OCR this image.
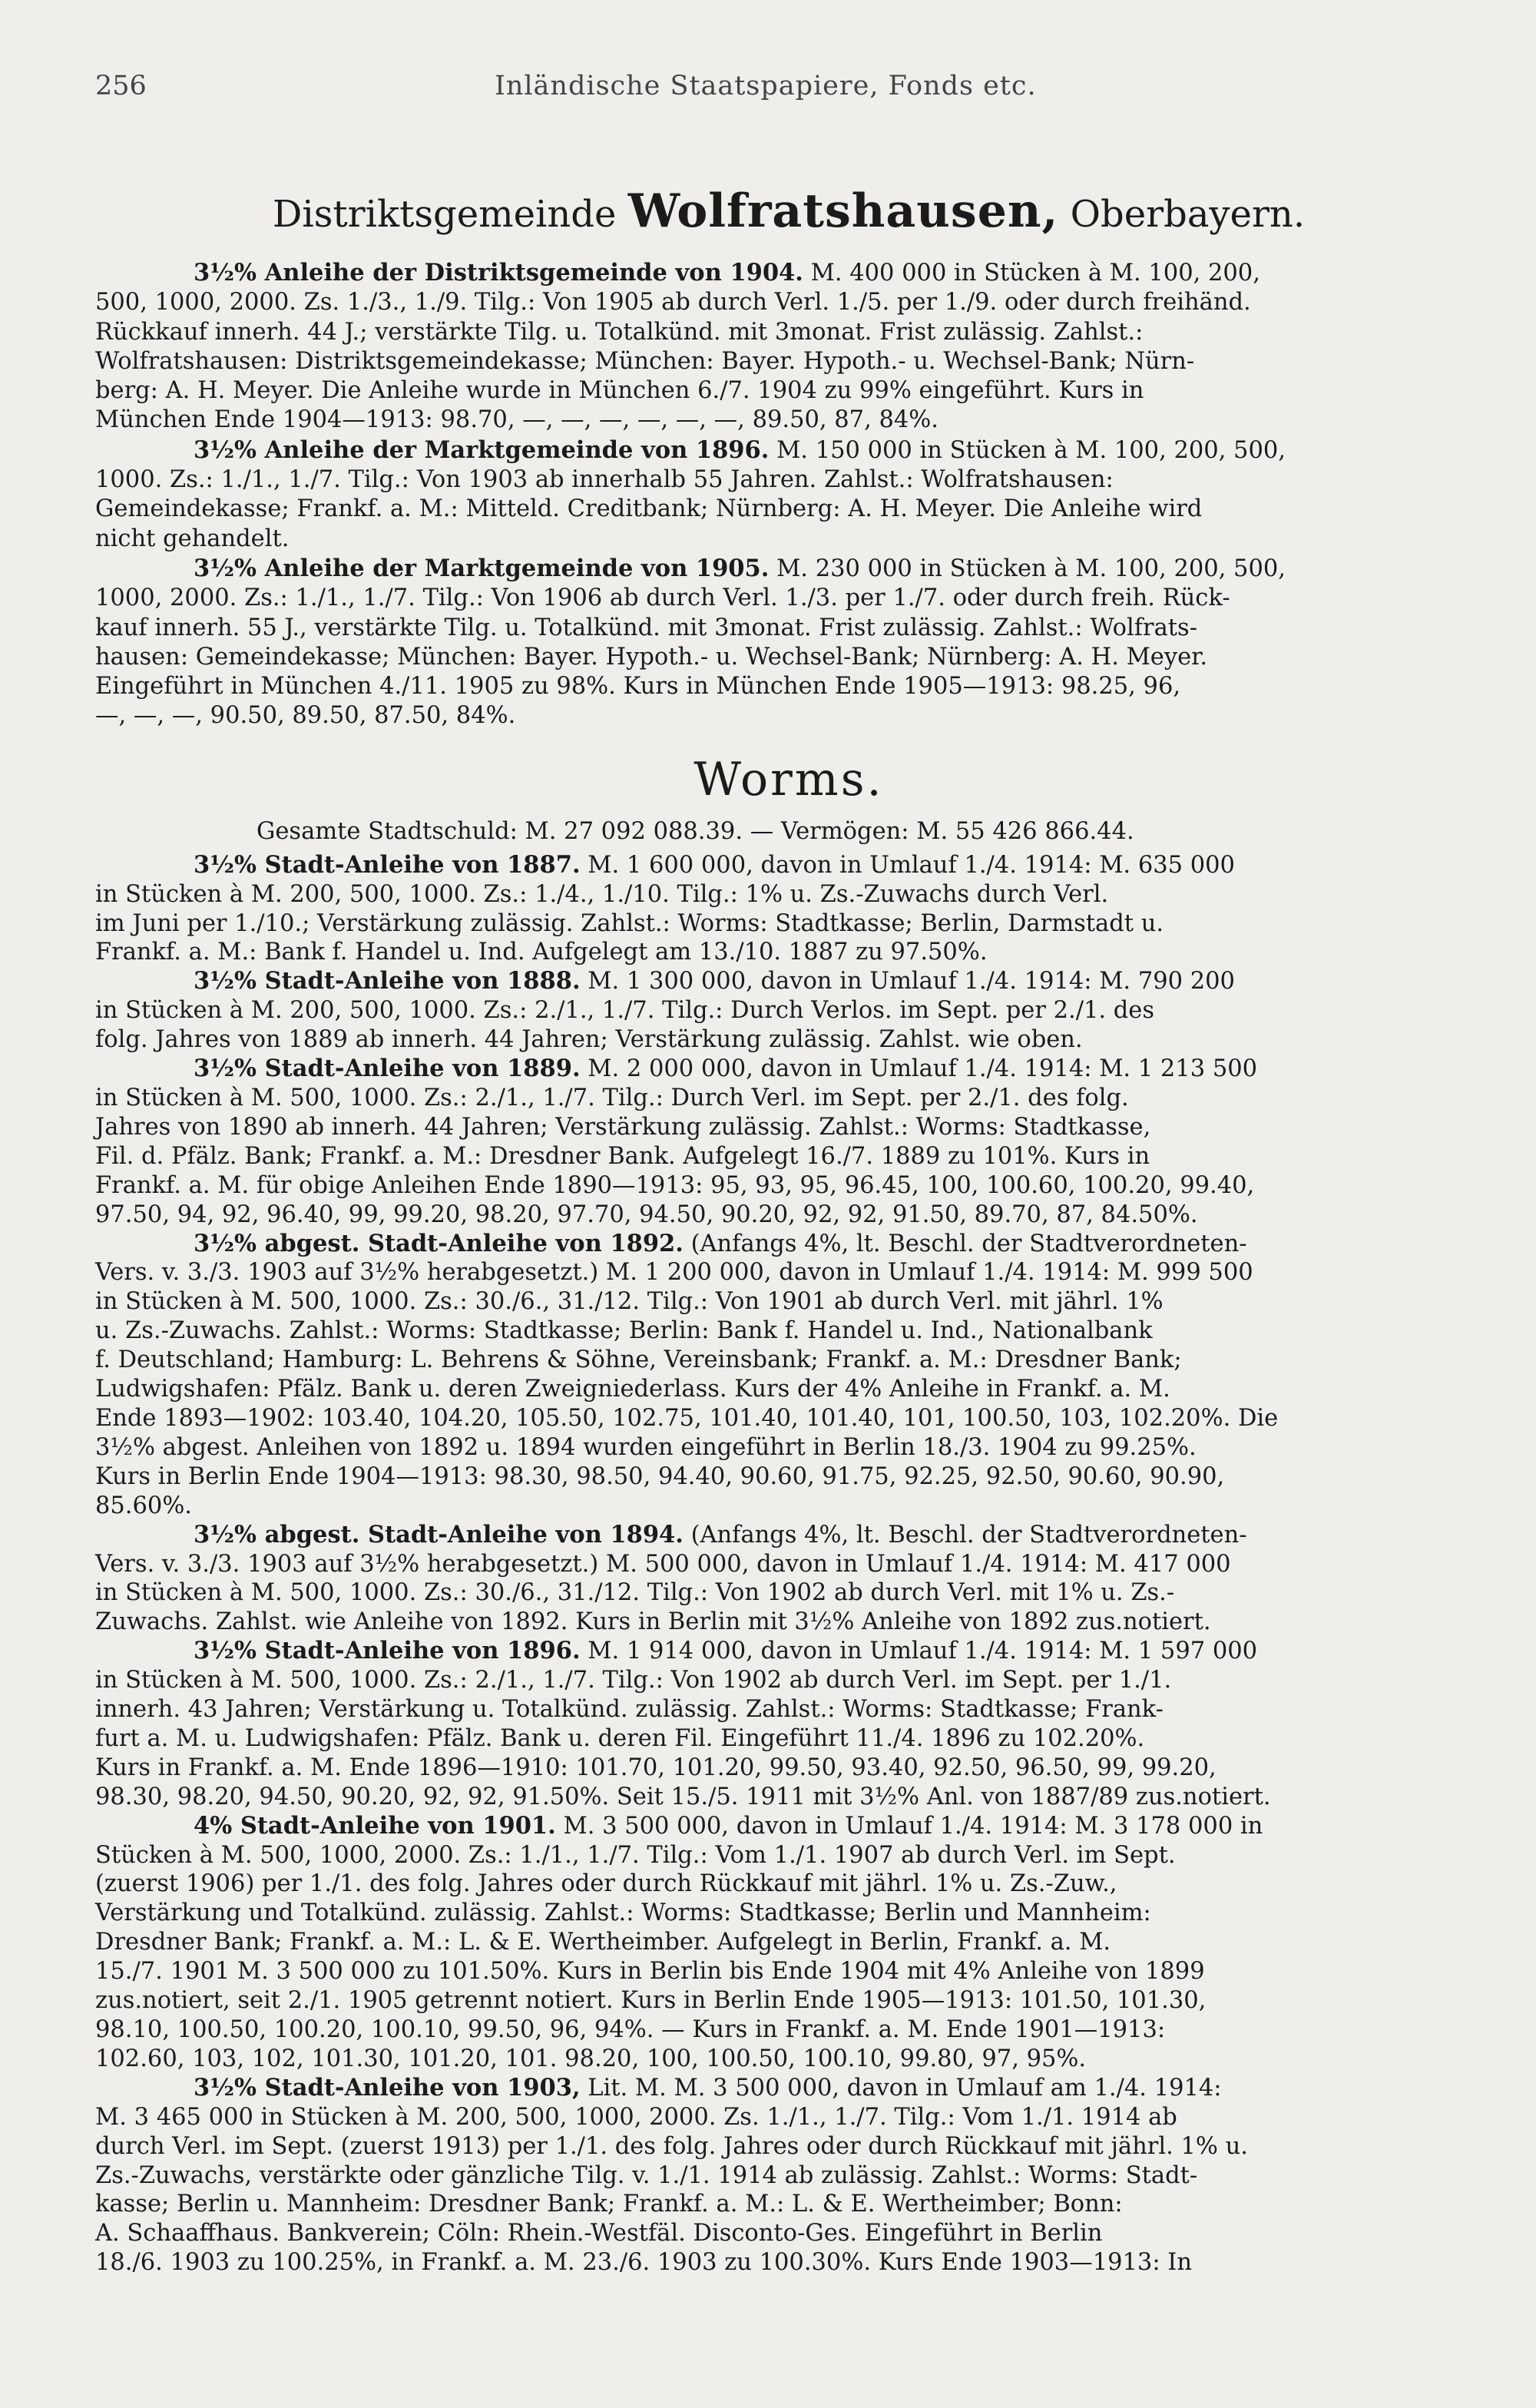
256	Inländische Staatspapiere, Fonds etc.
Distriktsgemeinde Wolfratshausen, Oberbayern.

3½% Anleihe der Distriktsgemeinde von 1904. M. 400 000 in Stücken à M. 100, 200,
500, 1000, 2000. Zs. 1./3., 1./9. Tilg.: Von 1905 ab durch Verl. 1./5. per 1./9. oder durch freihänd.
Rückkauf innerh. 44 J.; verstärkte Tilg. u. Totalkünd. mit 3monat. Frist zulässig. Zahlst.:
Wolfratshausen: Distriktsgemeindekasse; München: Bayer. Hypoth.- u. Wechsel-Bank; Nürn-
berg: A. H. Meyer. Die Anleihe wurde in München 6./7. 1904 zu 99% eingeführt. Kurs in
München Ende 1904—1913: 98.70, —, —, —, —, —, —, 89.50, 87, 84%.

3½% Anleihe der Marktgemeinde von 1896. M. 150 000 in Stücken à M. 100, 200, 500,
1000. Zs.: 1./1., 1./7. Tilg.: Von 1903 ab innerhalb 55 Jahren. Zahlst.: Wolfratshausen:
Gemeindekasse; Frankf. a. M.: Mitteld. Creditbank; Nürnberg: A. H. Meyer. Die Anleihe wird
nicht gehandelt.

3½% Anleihe der Marktgemeinde von 1905. M. 230 000 in Stücken à M. 100, 200, 500,
1000, 2000. Zs.: 1./1., 1./7. Tilg.: Von 1906 ab durch Verl. 1./3. per 1./7. oder durch freih. Rück-
kauf innerh. 55 J., verstärkte Tilg. u. Totalkünd. mit 3monat. Frist zulässig. Zahlst.: Wolfrats-
hausen: Gemeindekasse; München: Bayer. Hypoth.- u. Wechsel-Bank; Nürnberg: A. H. Meyer.
Eingeführt in München 4./11. 1905 zu 98%. Kurs in München Ende 1905—1913: 98.25, 96,
—, —, —, 90.50, 89.50, 87.50, 84%.

Worms.

Gesamte Stadtschuld: M. 27 092 088.39. — Vermögen: M. 55 426 866.44.

3½% Stadt-Anleihe von 1887. M. 1 600 000, davon in Umlauf 1./4. 1914: M. 635 000
in Stücken à M. 200, 500, 1000. Zs.: 1./4., 1./10. Tilg.: 1% u. Zs.-Zuwachs durch Verl.
im Juni per 1./10.; Verstärkung zulässig. Zahlst.: Worms: Stadtkasse; Berlin, Darmstadt u.
Frankf. a. M.: Bank f. Handel u. Ind. Aufgelegt am 13./10. 1887 zu 97.50%.

3½% Stadt-Anleihe von 1888. M. 1 300 000, davon in Umlauf 1./4. 1914: M. 790 200
in Stücken à M. 200, 500, 1000. Zs.: 2./1., 1./7. Tilg.: Durch Verlos. im Sept. per 2./1. des
folg. Jahres von 1889 ab innerh. 44 Jahren; Verstärkung zulässig. Zahlst. wie oben.

3½% Stadt-Anleihe von 1889. M. 2 000 000, davon in Umlauf 1./4. 1914: M. 1 213 500
in Stücken à M. 500, 1000. Zs.: 2./1., 1./7. Tilg.: Durch Verl. im Sept. per 2./1. des folg.
Jahres von 1890 ab innerh. 44 Jahren; Verstärkung zulässig. Zahlst.: Worms: Stadtkasse,
Fil. d. Pfälz. Bank; Frankf. a. M.: Dresdner Bank. Aufgelegt 16./7. 1889 zu 101%. Kurs in
Frankf. a. M. für obige Anleihen Ende 1890—1913: 95, 93, 95, 96.45, 100, 100.60, 100.20, 99.40,
97.50, 94, 92, 96.40, 99, 99.20, 98.20, 97.70, 94.50, 90.20, 92, 92, 91.50, 89.70, 87, 84.50%.

3½% abgest. Stadt-Anleihe von 1892. (Anfangs 4%, lt. Beschl. der Stadtverordneten-
Vers. v. 3./3. 1903 auf 3½% herabgesetzt.) M. 1 200 000, davon in Umlauf 1./4. 1914: M. 999 500
in Stücken à M. 500, 1000. Zs.: 30./6., 31./12. Tilg.: Von 1901 ab durch Verl. mit jährl. 1%
u. Zs.-Zuwachs. Zahlst.: Worms: Stadtkasse; Berlin: Bank f. Handel u. Ind., Nationalbank
f. Deutschland; Hamburg: L. Behrens & Söhne, Vereinsbank; Frankf. a. M.: Dresdner Bank;
Ludwigshafen: Pfälz. Bank u. deren Zweigniederlass. Kurs der 4% Anleihe in Frankf. a. M.
Ende 1893—1902: 103.40, 104.20, 105.50, 102.75, 101.40, 101.40, 101, 100.50, 103, 102.20%. Die
3½% abgest. Anleihen von 1892 u. 1894 wurden eingeführt in Berlin 18./3. 1904 zu 99.25%.
Kurs in Berlin Ende 1904—1913: 98.30, 98.50, 94.40, 90.60, 91.75, 92.25, 92.50, 90.60, 90.90,
85.60%.

3½% abgest. Stadt-Anleihe von 1894. (Anfangs 4%, lt. Beschl. der Stadtverordneten-
Vers. v. 3./3. 1903 auf 3½% herabgesetzt.) M. 500 000, davon in Umlauf 1./4. 1914: M. 417 000
in Stücken à M. 500, 1000. Zs.: 30./6., 31./12. Tilg.: Von 1902 ab durch Verl. mit 1% u. Zs.-
Zuwachs. Zahlst. wie Anleihe von 1892. Kurs in Berlin mit 3½% Anleihe von 1892 zus.notiert.

3½% Stadt-Anleihe von 1896. M. 1 914 000, davon in Umlauf 1./4. 1914: M. 1 597 000
in Stücken à M. 500, 1000. Zs.: 2./1., 1./7. Tilg.: Von 1902 ab durch Verl. im Sept. per 1./1.
innerh. 43 Jahren; Verstärkung u. Totalkünd. zulässig. Zahlst.: Worms: Stadtkasse; Frank-
furt a. M. u. Ludwigshafen: Pfälz. Bank u. deren Fil. Eingeführt 11./4. 1896 zu 102.20%.
Kurs in Frankf. a. M. Ende 1896—1910: 101.70, 101.20, 99.50, 93.40, 92.50, 96.50, 99, 99.20,
98.30, 98.20, 94.50, 90.20, 92, 92, 91.50%. Seit 15./5. 1911 mit 3½% Anl. von 1887/89 zus.notiert.

4% Stadt-Anleihe von 1901. M. 3 500 000, davon in Umlauf 1./4. 1914: M. 3 178 000 in
Stücken à M. 500, 1000, 2000. Zs.: 1./1., 1./7. Tilg.: Vom 1./1. 1907 ab durch Verl. im Sept.
(zuerst 1906) per 1./1. des folg. Jahres oder durch Rückkauf mit jährl. 1% u. Zs.-Zuw.,
Verstärkung und Totalkünd. zulässig. Zahlst.: Worms: Stadtkasse; Berlin und Mannheim:
Dresdner Bank; Frankf. a. M.: L. & E. Wertheimber. Aufgelegt in Berlin, Frankf. a. M.
15./7. 1901 M. 3 500 000 zu 101.50%. Kurs in Berlin bis Ende 1904 mit 4% Anleihe von 1899
zus.notiert, seit 2./1. 1905 getrennt notiert. Kurs in Berlin Ende 1905—1913: 101.50, 101.30,
98.10, 100.50, 100.20, 100.10, 99.50, 96, 94%. — Kurs in Frankf. a. M. Ende 1901—1913:
102.60, 103, 102, 101.30, 101.20, 101. 98.20, 100, 100.50, 100.10, 99.80, 97, 95%.

3½% Stadt-Anleihe von 1903, Lit. M. M. 3 500 000, davon in Umlauf am 1./4. 1914:
M. 3 465 000 in Stücken à M. 200, 500, 1000, 2000. Zs. 1./1., 1./7. Tilg.: Vom 1./1. 1914 ab
durch Verl. im Sept. (zuerst 1913) per 1./1. des folg. Jahres oder durch Rückkauf mit jährl. 1% u.
Zs.-Zuwachs, verstärkte oder gänzliche Tilg. v. 1./1. 1914 ab zulässig. Zahlst.: Worms: Stadt-
kasse; Berlin u. Mannheim: Dresdner Bank; Frankf. a. M.: L. & E. Wertheimber; Bonn:
A. Schaaffhaus. Bankverein; Cöln: Rhein.-Westfäl. Disconto-Ges. Eingeführt in Berlin
18./6. 1903 zu 100.25%, in Frankf. a. M. 23./6. 1903 zu 100.30%. Kurs Ende 1903—1913: In
